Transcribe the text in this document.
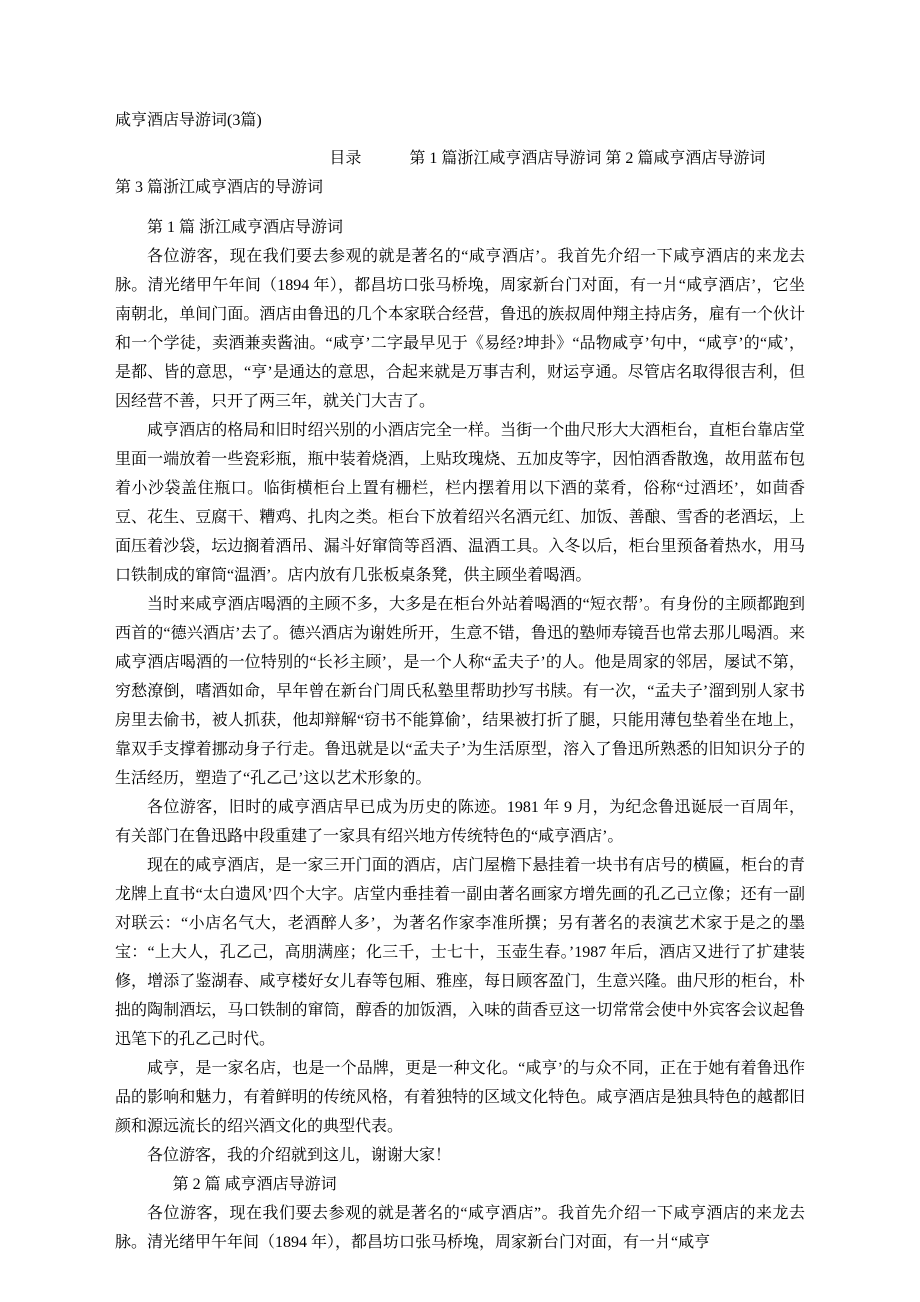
咸亨酒店导游词(3篇)

目录　　　第 1 篇浙江咸亨酒店导游词 第 2 篇咸亨酒店导游词

第 3 篇浙江咸亨酒店的导游词

第 1 篇 浙江咸亨酒店导游词

各位游客，现在我们要去参观的就是著名的“咸亨酒店’。我首先介绍一下咸亨酒店的来龙去脉。清光绪甲午年间（1894 年），都昌坊口张马桥堍，周家新台门对面，有一爿“咸亨酒店’，它坐南朝北，单间门面。酒店由鲁迅的几个本家联合经营，鲁迅的族叔周仲翔主持店务，雇有一个伙计和一个学徒，卖酒兼卖酱油。“咸亨’二字最早见于《易经?坤卦》“品物咸亨’句中，“咸亨’的“咸’，是都、皆的意思，“亨’是通达的意思，合起来就是万事吉利，财运亨通。尽管店名取得很吉利，但因经营不善，只开了两三年，就关门大吉了。

咸亨酒店的格局和旧时绍兴别的小酒店完全一样。当街一个曲尺形大大酒柜台，直柜台靠店堂里面一端放着一些瓷彩瓶，瓶中装着烧酒，上贴玫瑰烧、五加皮等字，因怕酒香散逸，故用蓝布包着小沙袋盖住瓶口。临街横柜台上置有栅栏，栏内摆着用以下酒的菜肴，俗称“过酒坯’，如茴香豆、花生、豆腐干、糟鸡、扎肉之类。柜台下放着绍兴名酒元红、加饭、善酿、雪香的老酒坛，上面压着沙袋，坛边搁着酒吊、漏斗好窜筒等舀酒、温酒工具。入冬以后，柜台里预备着热水，用马口铁制成的窜筒“温酒’。店内放有几张板桌条凳，供主顾坐着喝酒。

当时来咸亨酒店喝酒的主顾不多，大多是在柜台外站着喝酒的“短衣帮’。有身份的主顾都跑到西首的“德兴酒店’去了。德兴酒店为谢姓所开，生意不错，鲁迅的塾师寿镜吾也常去那儿喝酒。来咸亨酒店喝酒的一位特别的“长衫主顾’，是一个人称“孟夫子’的人。他是周家的邻居，屡试不第，穷愁潦倒，嗜酒如命，早年曾在新台门周氏私塾里帮助抄写书牍。有一次，“孟夫子’溜到别人家书房里去偷书，被人抓获，他却辩解“窃书不能算偷’，结果被打折了腿，只能用薄包垫着坐在地上，靠双手支撑着挪动身子行走。鲁迅就是以“孟夫子’为生活原型，溶入了鲁迅所熟悉的旧知识分子的生活经历，塑造了“孔乙己’这以艺术形象的。

各位游客，旧时的咸亨酒店早已成为历史的陈迹。1981 年 9 月，为纪念鲁迅诞辰一百周年，有关部门在鲁迅路中段重建了一家具有绍兴地方传统特色的“咸亨酒店’。

现在的咸亨酒店，是一家三开门面的酒店，店门屋檐下悬挂着一块书有店号的横匾，柜台的青龙牌上直书“太白遗风’四个大字。店堂内垂挂着一副由著名画家方增先画的孔乙己立像；还有一副对联云：“小店名气大，老酒醉人多’，为著名作家李准所撰；另有著名的表演艺术家于是之的墨宝：“上大人，孔乙己，高朋满座；化三千，士七十，玉壶生春。’1987 年后，酒店又进行了扩建装修，增添了鉴湖春、咸亨楼好女儿春等包厢、雅座，每日顾客盈门，生意兴隆。曲尺形的柜台，朴拙的陶制酒坛，马口铁制的窜筒，醇香的加饭酒，入味的茴香豆这一切常常会使中外宾客会议起鲁迅笔下的孔乙己时代。

咸亨，是一家名店，也是一个品牌，更是一种文化。“咸亨’的与众不同，正在于她有着鲁迅作品的影响和魅力，有着鲜明的传统风格，有着独特的区域文化特色。咸亨酒店是独具特色的越都旧颜和源远流长的绍兴酒文化的典型代表。

各位游客，我的介绍就到这儿，谢谢大家！

第 2 篇 咸亨酒店导游词

各位游客，现在我们要去参观的就是著名的“咸亨酒店”。我首先介绍一下咸亨酒店的来龙去脉。清光绪甲午年间（1894 年），都昌坊口张马桥堍，周家新台门对面，有一爿“咸亨
